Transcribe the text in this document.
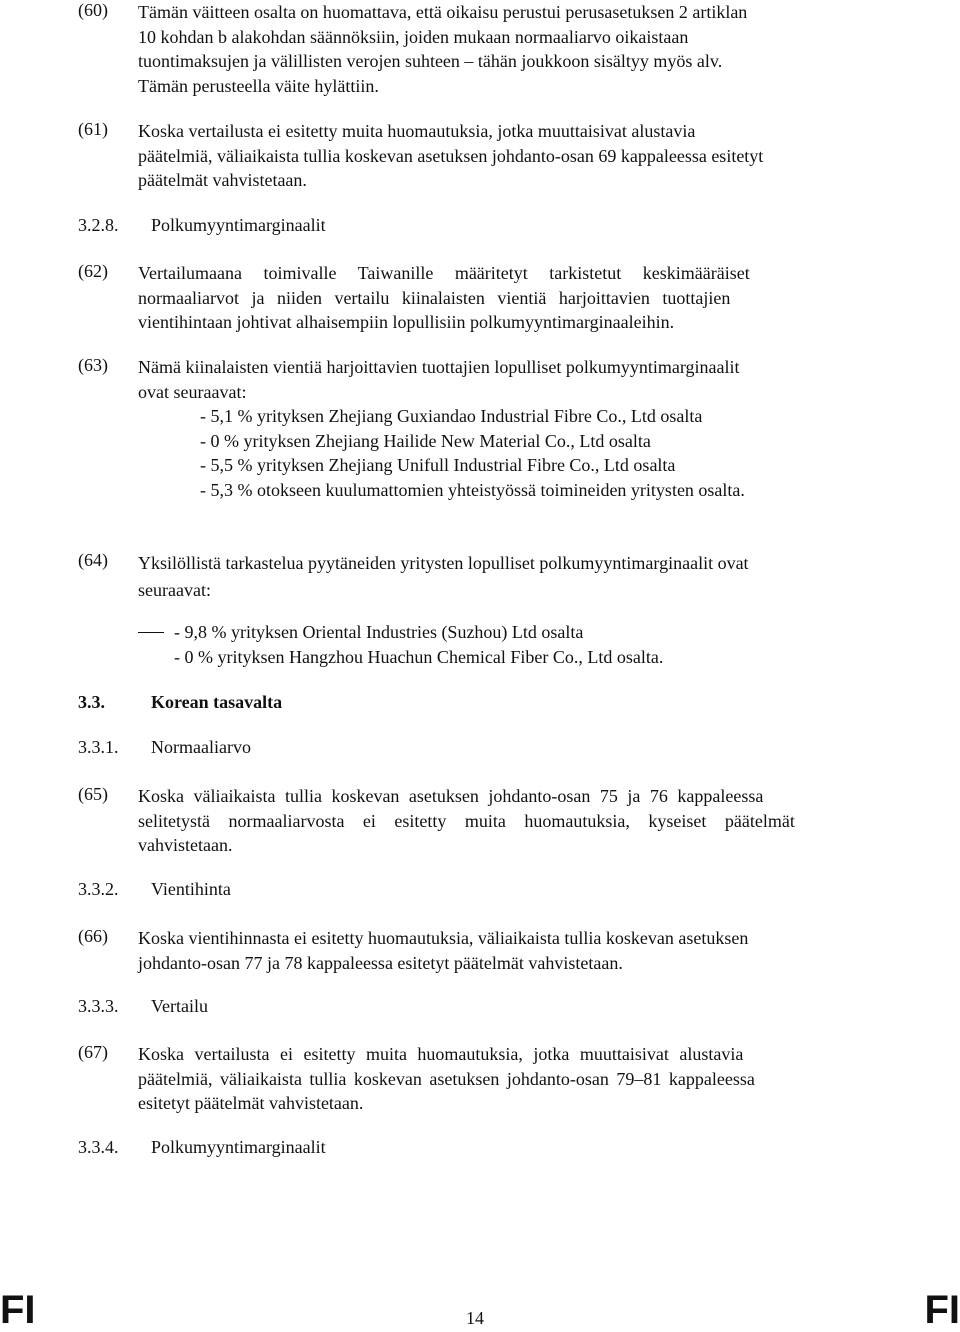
(60) Tämän väitteen osalta on huomattava, että oikaisu perustui perusasetuksen 2 artiklan
10 kohdan b alakohdan säännöksiin, joiden mukaan normaaliarvo oikaistaan
tuontimaksujen ja välillisten verojen suhteen – tähän joukkoon sisältyy myös alv.
Tämän perusteella väite hylättiin.
(61) Koska vertailusta ei esitetty muita huomautuksia, jotka muuttaisivat alustavia
päätelmiä, väliaikaista tullia koskevan asetuksen johdanto-osan 69 kappaleessa esitetyt
päätelmät vahvistetaan.
3.2.8. Polkumyyntimarginaalit
(62) Vertailumaana toimivalle Taiwanille määritetyt tarkistetut keskimääräiset
normaaliarvot ja niiden vertailu kiinalaisten vientiä harjoittavien tuottajien
vientihintaan johtivat alhaisempiin lopullisiin polkumyyntimarginaaleihin.
(63) Nämä kiinalaisten vientiä harjoittavien tuottajien lopulliset polkumyyntimarginaalit
ovat seuraavat:
- 5,1 % yrityksen Zhejiang Guxiandao Industrial Fibre Co., Ltd osalta
- 0 % yrityksen Zhejiang Hailide New Material Co., Ltd osalta
- 5,5 % yrityksen Zhejiang Unifull Industrial Fibre Co., Ltd osalta
- 5,3 % otokseen kuulumattomien yhteistyössä toimineiden yritysten osalta.
(64) Yksilöllistä tarkastelua pyytäneiden yritysten lopulliset polkumyyntimarginaalit ovat
seuraavat:
- 9,8 % yrityksen Oriental Industries (Suzhou) Ltd osalta
- 0 % yrityksen Hangzhou Huachun Chemical Fiber Co., Ltd osalta.
3.3.	Korean tasavalta
3.3.1. Normaaliarvo
(65) Koska väliaikaista tullia koskevan asetuksen johdanto-osan 75 ja 76 kappaleessa
selitetystä normaaliarvosta ei esitetty muita huomautuksia, kyseiset päätelmät
vahvistetaan.
3.3.2. Vientihinta
(66) Koska vientihinnasta ei esitetty huomautuksia, väliaikaista tullia koskevan asetuksen
johdanto-osan 77 ja 78 kappaleessa esitetyt päätelmät vahvistetaan.
3.3.3. Vertailu
(67) Koska vertailusta ei esitetty muita huomautuksia, jotka muuttaisivat alustavia
päätelmiä, väliaikaista tullia koskevan asetuksen johdanto-osan 79–81 kappaleessa
esitetyt päätelmät vahvistetaan.
3.3.4. Polkumyyntimarginaalit
FI	14	FI
